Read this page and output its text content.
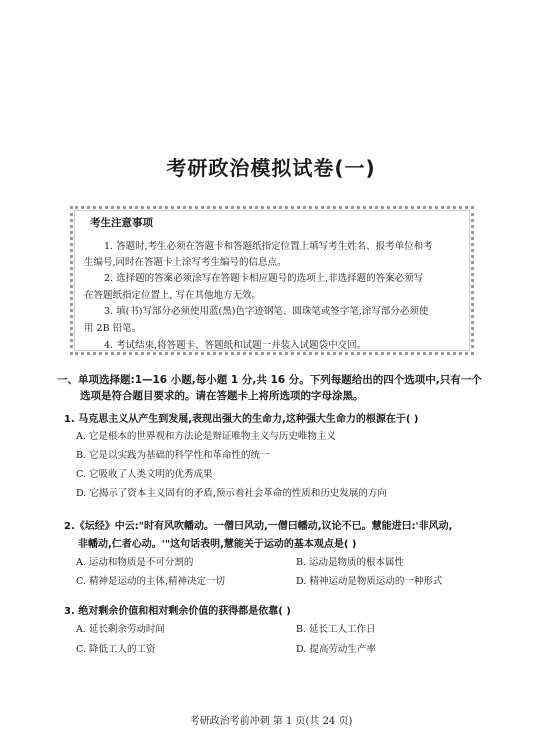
考研政治模拟试卷(一)
考生注意事项
1. 答题时,考生必须在答题卡和答题纸指定位置上填写考生姓名、报考单位和考
生编号,同时在答题卡上涂写考生编号的信息点。
2. 选择题的答案必须涂写在答题卡相应题号的选项上,非选择题的答案必须写
在答题纸指定位置上, 写在其他地方无效。
3. 填(书)写部分必须使用蓝(黑)色字迹钢笔、圆珠笔或签字笔,涂写部分必须使
用 2B 铅笔。
4. 考试结束,将答题卡、答题纸和试题一并装入试题袋中交回。
一、单项选择题:1—16 小题,每小题 1 分,共 16 分。下列每题给出的四个选项中,只有一个
选项是符合题目要求的。请在答题卡上将所选项的字母涂黑。
1. 马克思主义从产生到发展,表现出强大的生命力,这种强大生命力的根源在于( )
A. 它是根本的世界观和方法论是辩证唯物主义与历史唯物主义
B. 它是以实践为基础的科学性和革命性的统一
C. 它吸收了人类文明的优秀成果
D. 它揭示了资本主义固有的矛盾,预示着社会革命的性质和历史发展的方向
2.《坛经》中云:"时有风吹幡动。一僧曰风动,一僧曰幡动,议论不已。慧能进曰:'非风动,
非幡动,仁者心动。'"这句话表明,慧能关于运动的基本观点是( )
A. 运动和物质是不可分割的	B. 运动是物质的根本属性
C. 精神是运动的主体,精神决定一切	D. 精神运动是物质运动的一种形式
3. 绝对剩余价值和相对剩余价值的获得都是依靠( )
A. 延长剩余劳动时间	B. 延长工人工作日
C. 降低工人的工资	D. 提高劳动生产率
考研政治考前冲刺 第 1 页(共 24 页)
